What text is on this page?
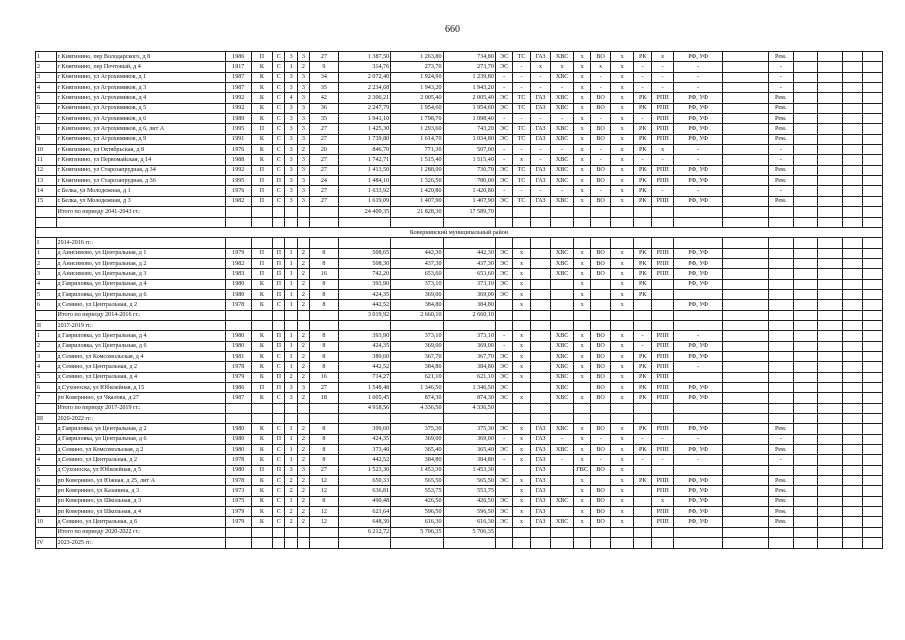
660
1	г Княгинино, пер Володарского, д 8	1986	П	С	3	3	27	1 387,50	1 263,80	734,80	ЭС	ТС	ГАЗ	ХВС	х	ВО	х	РК	х	РФ, УФ		Рем.				
2	г Княгинино, пер Почтовый, д 4	1917	К	С	1	2	9	314,76	273,70	273,70	ЭС	-	х	х	х	х	х	-	-	-		-				
3	г Княгинино, ул Агрохимиков, д 1	1987	К	С	3	3	34	2 072,40	1 924,90	1 239,80	-	-	-	ХВС	х	-	х	-	-	-		-				
4	г Княгинино, ул Агрохимиков, д 3	1987	К	С	3	3	35	2 234,68	1 943,20	1 943,20	-	-	-	-	х	-	х	-	-	-		-				
5	г Княгинино, ул Агрохимиков, д 4	1992	К	С	4	3	42	2 306,21	2 005,40	2 005,40	ЭС	ТС	ГАЗ	ХВС	х	ВО	х	РК	РПП	РФ, УФ		Рем.				
6	г Княгинино, ул Агрохимиков, д 5	1992	К	С	3	3	36	2 247,79	1 954,60	1 954,60	ЭС	ТС	ГАЗ	ХВС	х	ВО	х	РК	РПП	РФ, УФ		Рем.				
7	г Княгинино, ул Агрохимиков, д 6	1989	К	С	3	3	35	1 941,10	1 798,70	1 098,40	-	-	-	-	х	-	х	-	РПП	РФ, УФ		Рем.				
8	г Княгинино, ул Агрохимиков, д 6, лит А	1995	П	С	3	3	27	1 425,30	1 293,60	743,20	ЭС	ТС	ГАЗ	ХВС	х	ВО	х	РК	РПП	РФ, УФ		Рем.				
9	г Княгинино, ул Агрохимиков, д 9	1991	К	С	3	3	27	1 739,80	1 614,70	1 034,80	ЭС	ТС	ГАЗ	ХВС	х	ВО	х	РК	РПП	РФ, УФ		Рем.				
10	г Княгинино, ул Октябрьская, д 8	1976	К	С	3	2	20	846,70	771,30	507,00	-	-	-	-	х	-	х	РК	х	-		-				
11	г Княгинино, ул Первомайская, д 14	1988	К	С	3	3	27	1 742,71	1 515,40	1 515,40	-	х	-	ХВС	х	-	х	-	-	-		-				
12	г Княгинино, ул Старозапрудная, д 34	1992	П	С	3	3	27	1 413,50	1 288,00	730,70	ЭС	ТС	ГАЗ	ХВС	х	ВО	х	РК	РПП	РФ, УФ		Рем.				
13	г Княгинино, ул Старозапрудная, д 36	1995	П	П	3	3	24	1 484,10	1 326,50	780,00	ЭС	ТС	ГАЗ	ХВС	х	ВО	х	РК	РПП	РФ, УФ		Рем.				
14	с Белка, ул Молодежная, д 1	1976	П	С	3	3	27	1 633,92	1 420,80	1 420,80	-	-	-	-	х	-	х	РК	-	-		-				
15	с Белка, ул Молодежная, д 3	1982	П	С	3	3	27	1 619,09	1 407,90	1 407,90	ЭС	ТС	ГАЗ	ХВС	х	ВО	х	РК	РПП	РФ, УФ		Рем.				
	Итого по периоду 2041-2043 гг.:							24 409,35	21 828,30	17 589,70																

Ковернинский муниципальный район																										
I	2014-2016 гг.:																									
1	д Анисимово, ул Центральная, д 1	1979	П	П	1	2	8	508,65	442,30	442,30	ЭС	х		ХВС	х	ВО	х	РК	РПП	РФ, УФ						
2	д Анисимово, ул Центральная, д 2	1982	П	П	1	2	8	508,30	437,30	437,30	ЭС	х		ХВС	х	ВО	х	РК	РПП	РФ, УФ						
3	д Анисимово, ул Центральная, д 3	1983	П	П	1	2	16	742,20	653,60	653,60	ЭС	х		ХВС	х	ВО	х	РК	РПП	РФ, УФ						
4	д Гавриловка, ул Центральная, д 4	1980	К	П	1	2	8	393,90	373,10	373,10	ЭС	х			х		х	РК		РФ, УФ						
5	д Гавриловка, ул Центральная, д 6	1980	К	П	1	2	8	424,35	369,00	369,00	ЭС	х			х		х	РК								
6	д Семино, ул Центральная, д 2	1978	К	С	1	2	8	442,52	384,80	384,80		х			х		х			РФ, УФ						
	Итого по периоду 2014-2016 гг.:							3 019,92	2 660,10	2 660,10																
II	2017-2019 гг.:																									
1	д Гавриловка, ул Центральная, д 4	1980	К	П	1	2	8	393,90	373,10	373,10	-	х		ХВС	х	ВО	х	-	РПП	-						
2	д Гавриловка, ул Центральная, д 6	1980	К	П	1	2	8	424,35	369,00	369,00	-	х		ХВС	х	ВО	х	-	РПП	РФ, УФ						
3	д Семино, ул Комсомольская, д 4	1981	К	С	1	2	8	389,60	367,70	367,70	ЭС	х		ХВС	х	ВО	х	РК	РПП	РФ, УФ						
4	д Семино, ул Центральная, д 2	1978	К	С	1	2	8	442,52	384,80	384,80	ЭС	х		ХВС	х	ВО	х	РК	РПП	-						
5	д Семино, ул Центральная, д 4	1979	К	П	2	2	16	714,27	621,10	621,10	ЭС	х		ХВС	х	ВО	х	РК	РПП							
6	д Сухоноска, ул Юбилейная, д 15	1986	П	П	3	3	27	1 548,48	1 346,50	1 346,50	ЭС			ХВС		ВО	х	РК	РПП	РФ, УФ						
7	рп Ковернино, ул Чкалова, д 27	1987	К	С	3	2	18	1 005,45	874,30	874,30	ЭС	х		ХВС	х	ВО	х	РК	РПП	РФ, УФ						
	Итого по периоду 2017-2019 гг.:							4 918,56	4 336,50	4 336,50																
III	2020-2022 гг.:																									
1	д Гавриловка, ул Центральная, д 2	1980	К	С	1	2	8	399,60	375,30	375,30	ЭС	х	ГАЗ	ХВС	х	ВО	х	РК	РПП	РФ, УФ		Рем.				
2	д Гавриловка, ул Центральная, д 6	1980	К	П	1	2	8	424,35	369,00	369,00	-	х	ГАЗ	-	х	-	х	-	-	-		-				
3	д Семино, ул Комсомольская, д 2	1980	К	С	1	2	8	373,40	365,40	365,40	ЭС	х	ГАЗ	ХВС	х	ВО	х	РК	РПП	РФ, УФ		Рем.				
4	д Семино, ул Центральная, д 2	1978	К	С	1	2	8	442,52	384,80	384,80	-	х	ГАЗ	-	х	-	х	-	-	-		-				
5	д Сухоноска, ул Юбилейная, д 5	1980	П	П	3	3	27	1 523,30	1 453,30	1 453,30			ГАЗ		ГВС	ВО	х									
6	рп Ковернино, ул Южная, д 25, лит А	1978	К	С	2	2	12	650,33	565,50	565,50	ЭС	х	ГАЗ		х		х	РК	РПП	РФ, УФ		Рем.				
7	рп Ковернино, ул Казанина, д 3	1973	К	С	2	2	12	636,81	553,75	553,75		х	ГАЗ		х	ВО	х		РПП	РФ, УФ		Рем.				
8	рп Ковернино, ул Школьная, д 3	1975	К	С	1	2	8	490,48	426,50	426,50	ЭС	х	ГАЗ	ХВС	х	ВО	х		х	РФ, УФ		Рем.				
9	рп Ковернино, ул Школьная, д 4	1979	К	С	2	2	12	623,64	596,50	596,50	ЭС	х	ГАЗ		х	ВО	х		РПП	РФ, УФ		Рем.				
10	д Семино, ул Центральная, д 6	1979	К	С	2	2	12	648,30	616,30	616,30	ЭС	х	ГАЗ	ХВС	х	ВО	х		РПП	РФ, УФ		Рем.				
	Итого по периоду 2020-2022 гг.:							6 212,72	5 706,35	5 706,35																
IV	2023-2025 гг.:																									
